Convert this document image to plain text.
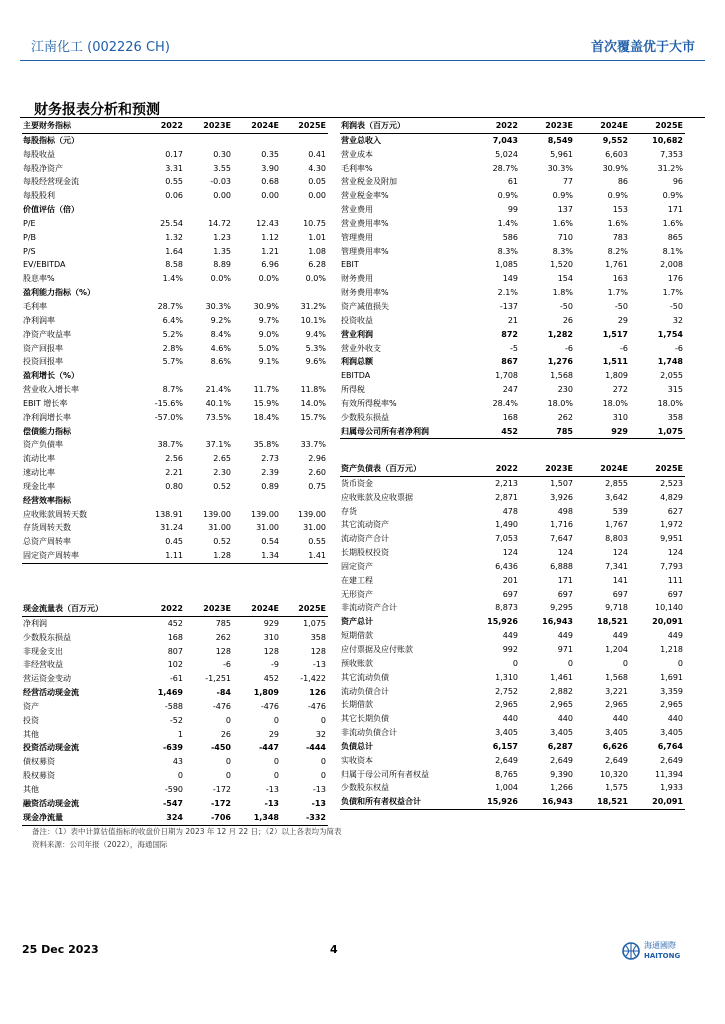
江南化工 (002226 CH)	首次覆盖优于大市
财务报表分析和预测
主要财务指标	2022	2023E	2024E	2025E
每股指标（元）				
每股收益	0.17	0.30	0.35	0.41
每股净资产	3.31	3.55	3.90	4.30
每股经营现金流	0.55	-0.03	0.68	0.05
每股股利	0.06	0.00	0.00	0.00
价值评估（倍）				
P/E	25.54	14.72	12.43	10.75
P/B	1.32	1.23	1.12	1.01
P/S	1.64	1.35	1.21	1.08
EV/EBITDA	8.58	8.89	6.96	6.28
股息率%	1.4%	0.0%	0.0%	0.0%
盈利能力指标（%）				
毛利率	28.7%	30.3%	30.9%	31.2%
净利润率	6.4%	9.2%	9.7%	10.1%
净资产收益率	5.2%	8.4%	9.0%	9.4%
资产回报率	2.8%	4.6%	5.0%	5.3%
投资回报率	5.7%	8.6%	9.1%	9.6%
盈利增长（%）				
营业收入增长率	8.7%	21.4%	11.7%	11.8%
EBIT 增长率	-15.6%	40.1%	15.9%	14.0%
净利润增长率	-57.0%	73.5%	18.4%	15.7%
偿债能力指标				
资产负债率	38.7%	37.1%	35.8%	33.7%
流动比率	2.56	2.65	2.73	2.96
速动比率	2.21	2.30	2.39	2.60
现金比率	0.80	0.52	0.89	0.75
经营效率指标				
应收账款周转天数	138.91	139.00	139.00	139.00
存货周转天数	31.24	31.00	31.00	31.00
总资产周转率	0.45	0.52	0.54	0.55
固定资产周转率	1.11	1.28	1.34	1.41
利润表（百万元）	2022	2023E	2024E	2025E
营业总收入	7,043	8,549	9,552	10,682
营业成本	5,024	5,961	6,603	7,353
毛利率%	28.7%	30.3%	30.9%	31.2%
营业税金及附加	61	77	86	96
营业税金率%	0.9%	0.9%	0.9%	0.9%
营业费用	99	137	153	171
营业费用率%	1.4%	1.6%	1.6%	1.6%
管理费用	586	710	783	865
管理费用率%	8.3%	8.3%	8.2%	8.1%
EBIT	1,085	1,520	1,761	2,008
财务费用	149	154	163	176
财务费用率%	2.1%	1.8%	1.7%	1.7%
资产减值损失	-137	-50	-50	-50
投资收益	21	26	29	32
营业利润	872	1,282	1,517	1,754
营业外收支	-5	-6	-6	-6
利润总额	867	1,276	1,511	1,748
EBITDA	1,708	1,568	1,809	2,055
所得税	247	230	272	315
有效所得税率%	28.4%	18.0%	18.0%	18.0%
少数股东损益	168	262	310	358
归属母公司所有者净利润	452	785	929	1,075
资产负债表（百万元）	2022	2023E	2024E	2025E
货币资金	2,213	1,507	2,855	2,523
应收账款及应收票据	2,871	3,926	3,642	4,829
存货	478	498	539	627
其它流动资产	1,490	1,716	1,767	1,972
流动资产合计	7,053	7,647	8,803	9,951
长期股权投资	124	124	124	124
固定资产	6,436	6,888	7,341	7,793
在建工程	201	171	141	111
无形资产	697	697	697	697
非流动资产合计	8,873	9,295	9,718	10,140
资产总计	15,926	16,943	18,521	20,091
短期借款	449	449	449	449
应付票据及应付账款	992	971	1,204	1,218
预收账款	0	0	0	0
其它流动负债	1,310	1,461	1,568	1,691
流动负债合计	2,752	2,882	3,221	3,359
长期借款	2,965	2,965	2,965	2,965
其它长期负债	440	440	440	440
非流动负债合计	3,405	3,405	3,405	3,405
负债总计	6,157	6,287	6,626	6,764
实收资本	2,649	2,649	2,649	2,649
归属于母公司所有者权益	8,765	9,390	10,320	11,394
少数股东权益	1,004	1,266	1,575	1,933
负债和所有者权益合计	15,926	16,943	18,521	20,091
现金流量表（百万元）	2022	2023E	2024E	2025E
净利润	452	785	929	1,075
少数股东损益	168	262	310	358
非现金支出	807	128	128	128
非经营收益	102	-6	-9	-13
营运资金变动	-61	-1,251	452	-1,422
经营活动现金流	1,469	-84	1,809	126
资产	-588	-476	-476	-476
投资	-52	0	0	0
其他	1	26	29	32
投资活动现金流	-639	-450	-447	-444
债权募资	43	0	0	0
股权募资	0	0	0	0
其他	-590	-172	-13	-13
融资活动现金流	-547	-172	-13	-13
现金净流量	324	-706	1,348	-332
备注：（1）表中计算估值指标的收盘价日期为 2023 年 12 月 22 日；（2）以上各表均为简表
资料来源：公司年报（2022），海通国际
25 Dec 2023	4	海通國際
HAITONG
